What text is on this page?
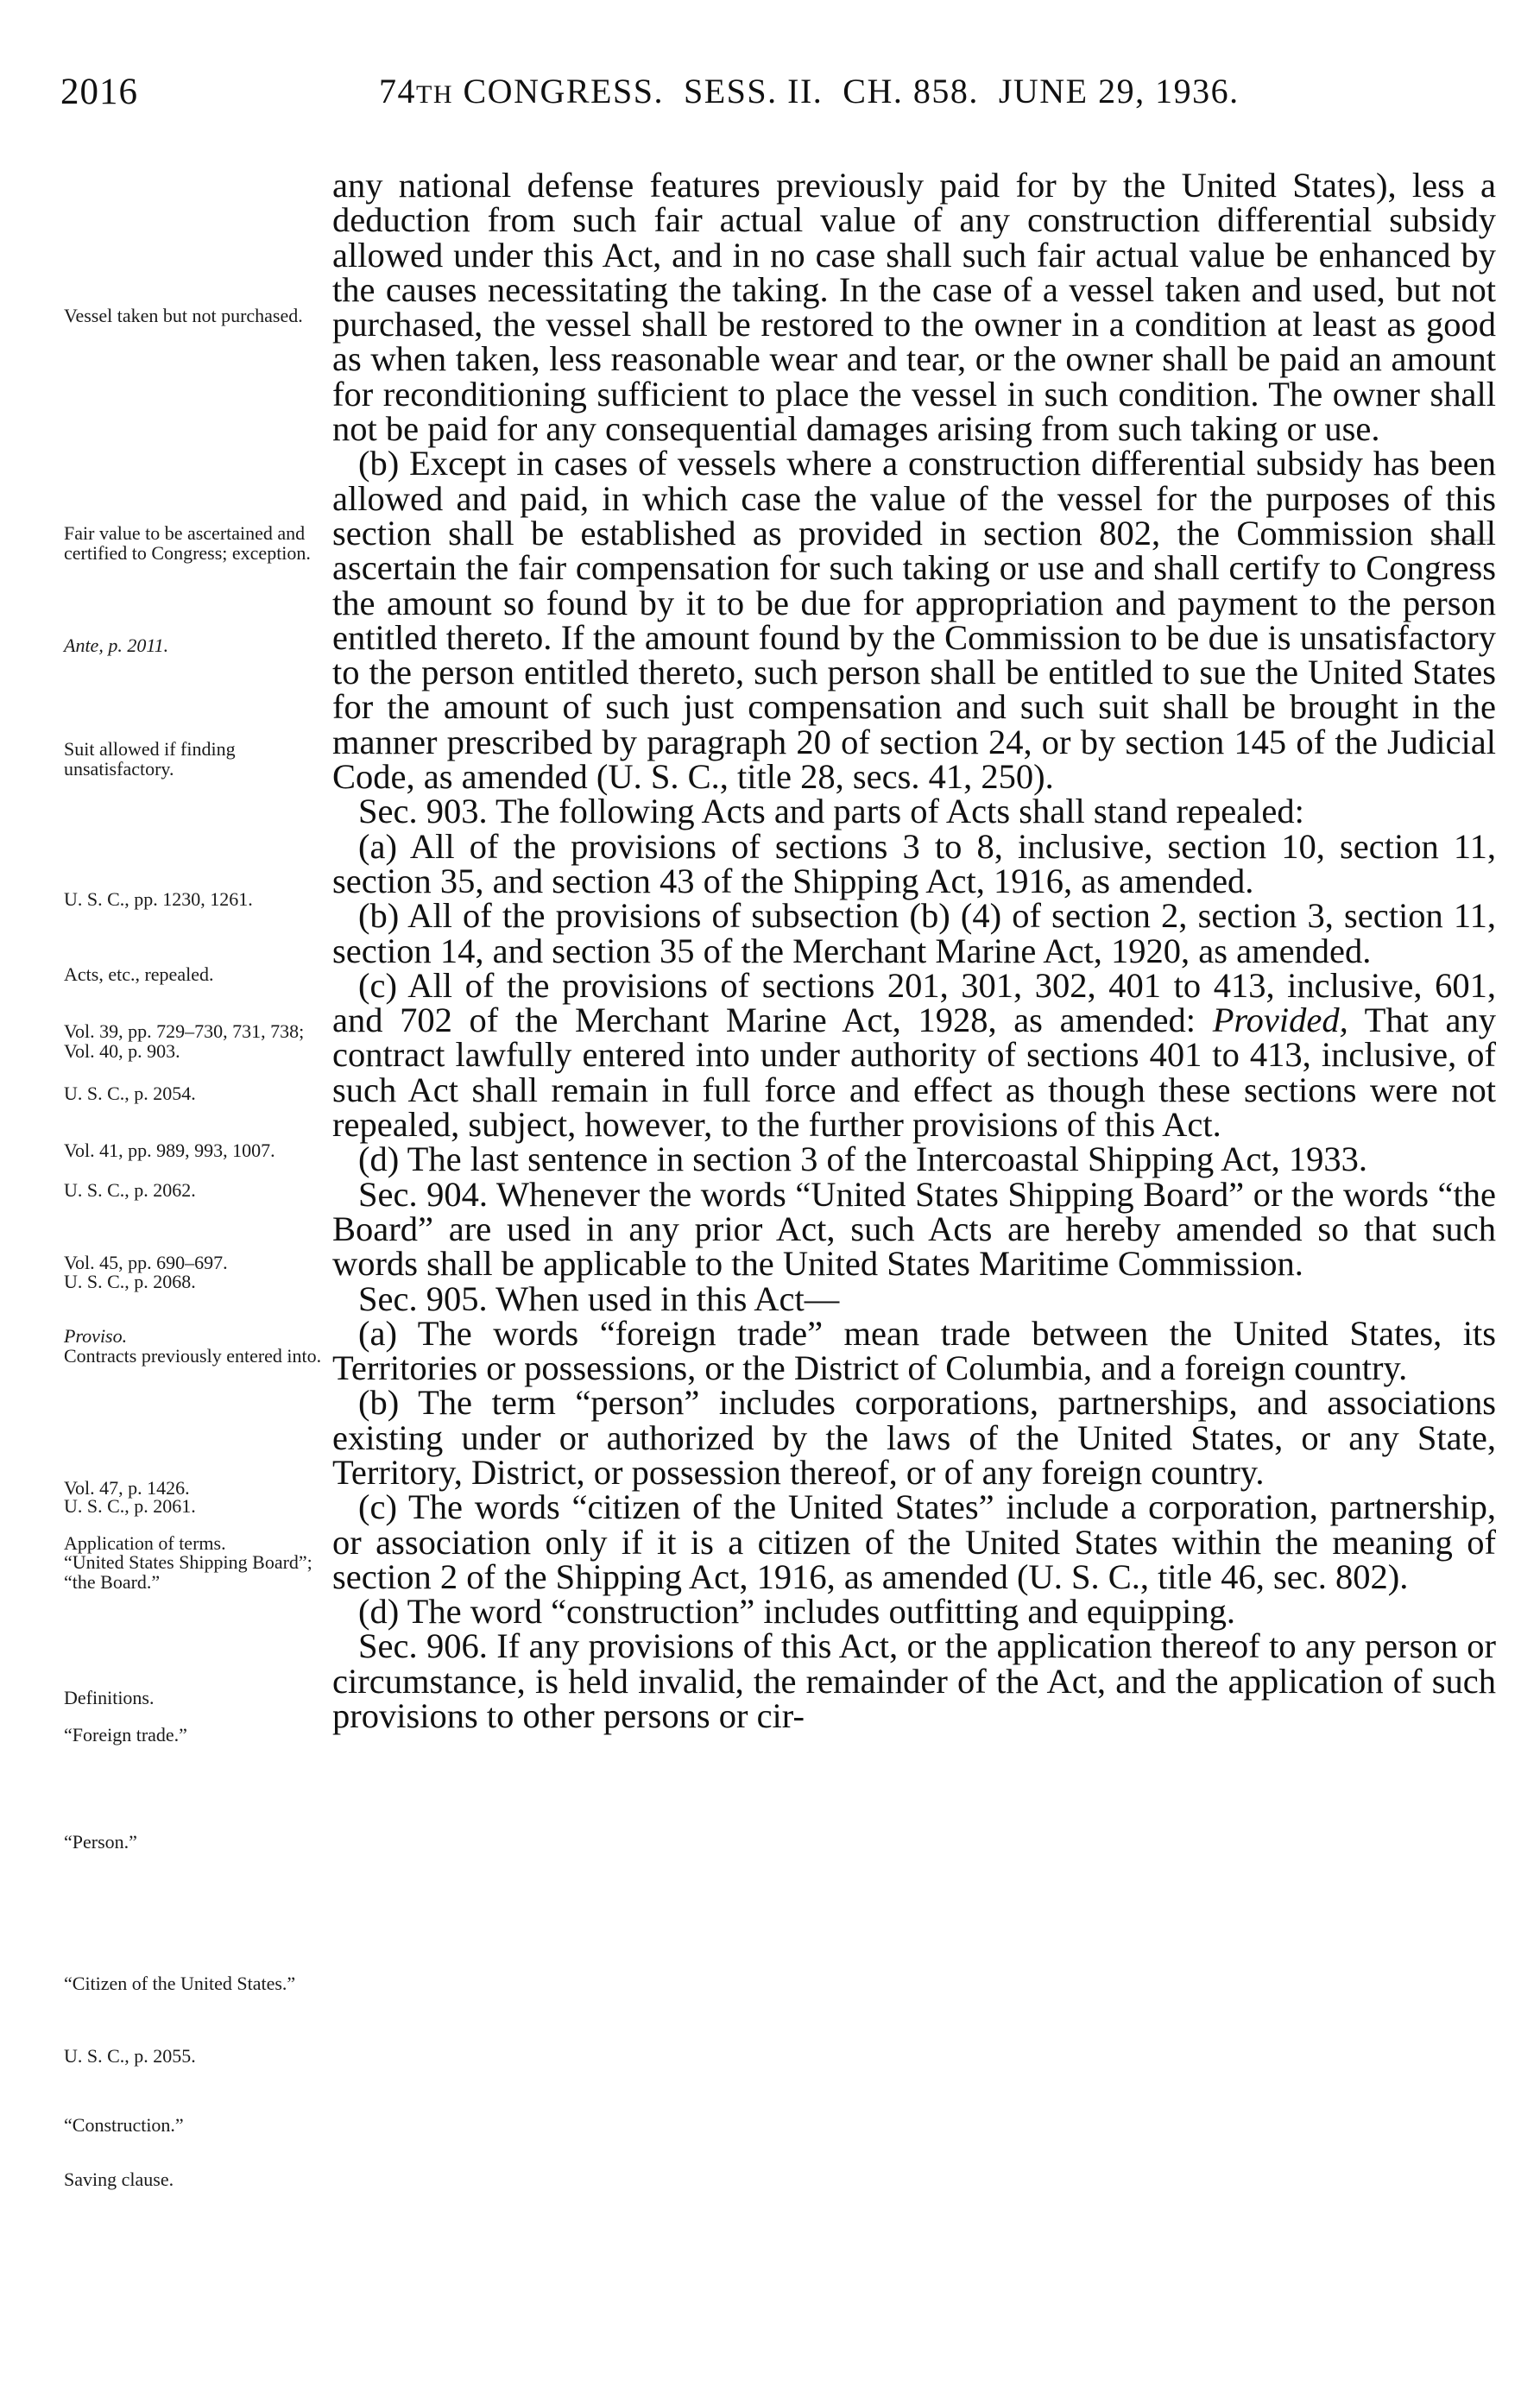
2016	74TH CONGRESS.  SESS. II.  CH. 858.  JUNE 29, 1936.

any national defense features previously paid for by the United States), less a deduction from such fair actual value of any construction differential subsidy allowed under this Act, and in no case shall such fair actual value be enhanced by the causes necessitating the taking. In the case of a vessel taken and used, but not purchased, the vessel shall be restored to the owner in a condition at least as good as when taken, less reasonable wear and tear, or the owner shall be paid an amount for reconditioning sufficient to place the vessel in such condition. The owner shall not be paid for any consequential damages arising from such taking or use.

(b) Except in cases of vessels where a construction differential subsidy has been allowed and paid, in which case the value of the vessel for the purposes of this section shall be established as provided in section 802, the Commission shall ascertain the fair compensation for such taking or use and shall certify to Congress the amount so found by it to be due for appropriation and payment to the person entitled thereto. If the amount found by the Commission to be due is unsatisfactory to the person entitled thereto, such person shall be entitled to sue the United States for the amount of such just compensation and such suit shall be brought in the manner prescribed by paragraph 20 of section 24, or by section 145 of the Judicial Code, as amended (U. S. C., title 28, secs. 41, 250).

Sec. 903. The following Acts and parts of Acts shall stand repealed:

(a) All of the provisions of sections 3 to 8, inclusive, section 10, section 11, section 35, and section 43 of the Shipping Act, 1916, as amended.

(b) All of the provisions of subsection (b) (4) of section 2, section 3, section 11, section 14, and section 35 of the Merchant Marine Act, 1920, as amended.

(c) All of the provisions of sections 201, 301, 302, 401 to 413, inclusive, 601, and 702 of the Merchant Marine Act, 1928, as amended: Provided, That any contract lawfully entered into under authority of sections 401 to 413, inclusive, of such Act shall remain in full force and effect as though these sections were not repealed, subject, however, to the further provisions of this Act.

(d) The last sentence in section 3 of the Intercoastal Shipping Act, 1933.

Sec. 904. Whenever the words “United States Shipping Board” or the words “the Board” are used in any prior Act, such Acts are hereby amended so that such words shall be applicable to the United States Maritime Commission.

Sec. 905. When used in this Act—

(a) The words “foreign trade” mean trade between the United States, its Territories or possessions, or the District of Columbia, and a foreign country.

(b) The term “person” includes corporations, partnerships, and associations existing under or authorized by the laws of the United States, or any State, Territory, District, or possession thereof, or of any foreign country.

(c) The words “citizen of the United States” include a corporation, partnership, or association only if it is a citizen of the United States within the meaning of section 2 of the Shipping Act, 1916, as amended (U. S. C., title 46, sec. 802).

(d) The word “construction” includes outfitting and equipping.

Sec. 906. If any provisions of this Act, or the application thereof to any person or circumstance, is held invalid, the remainder of the Act, and the application of such provisions to other persons or cir-

Vessel taken but not purchased.
Fair value to be ascertained and certified to Congress; exception.
Ante, p. 2011.
Suit allowed if finding unsatisfactory.
U. S. C., pp. 1230, 1261.
Acts, etc., repealed.
Vol. 39, pp. 729–730, 731, 738; Vol. 40, p. 903.
U. S. C., p. 2054.
Vol. 41, pp. 989, 993, 1007.
U. S. C., p. 2062.
Vol. 45, pp. 690–697.
U. S. C., p. 2068.
Proviso.
Contracts previously entered into.
Vol. 47, p. 1426.
U. S. C., p. 2061.
Application of terms.
“United States Shipping Board”; “the Board.”
Definitions.
“Foreign trade.”
“Person.”
“Citizen of the United States.”
U. S. C., p. 2055.
“Construction.”
Saving clause.
